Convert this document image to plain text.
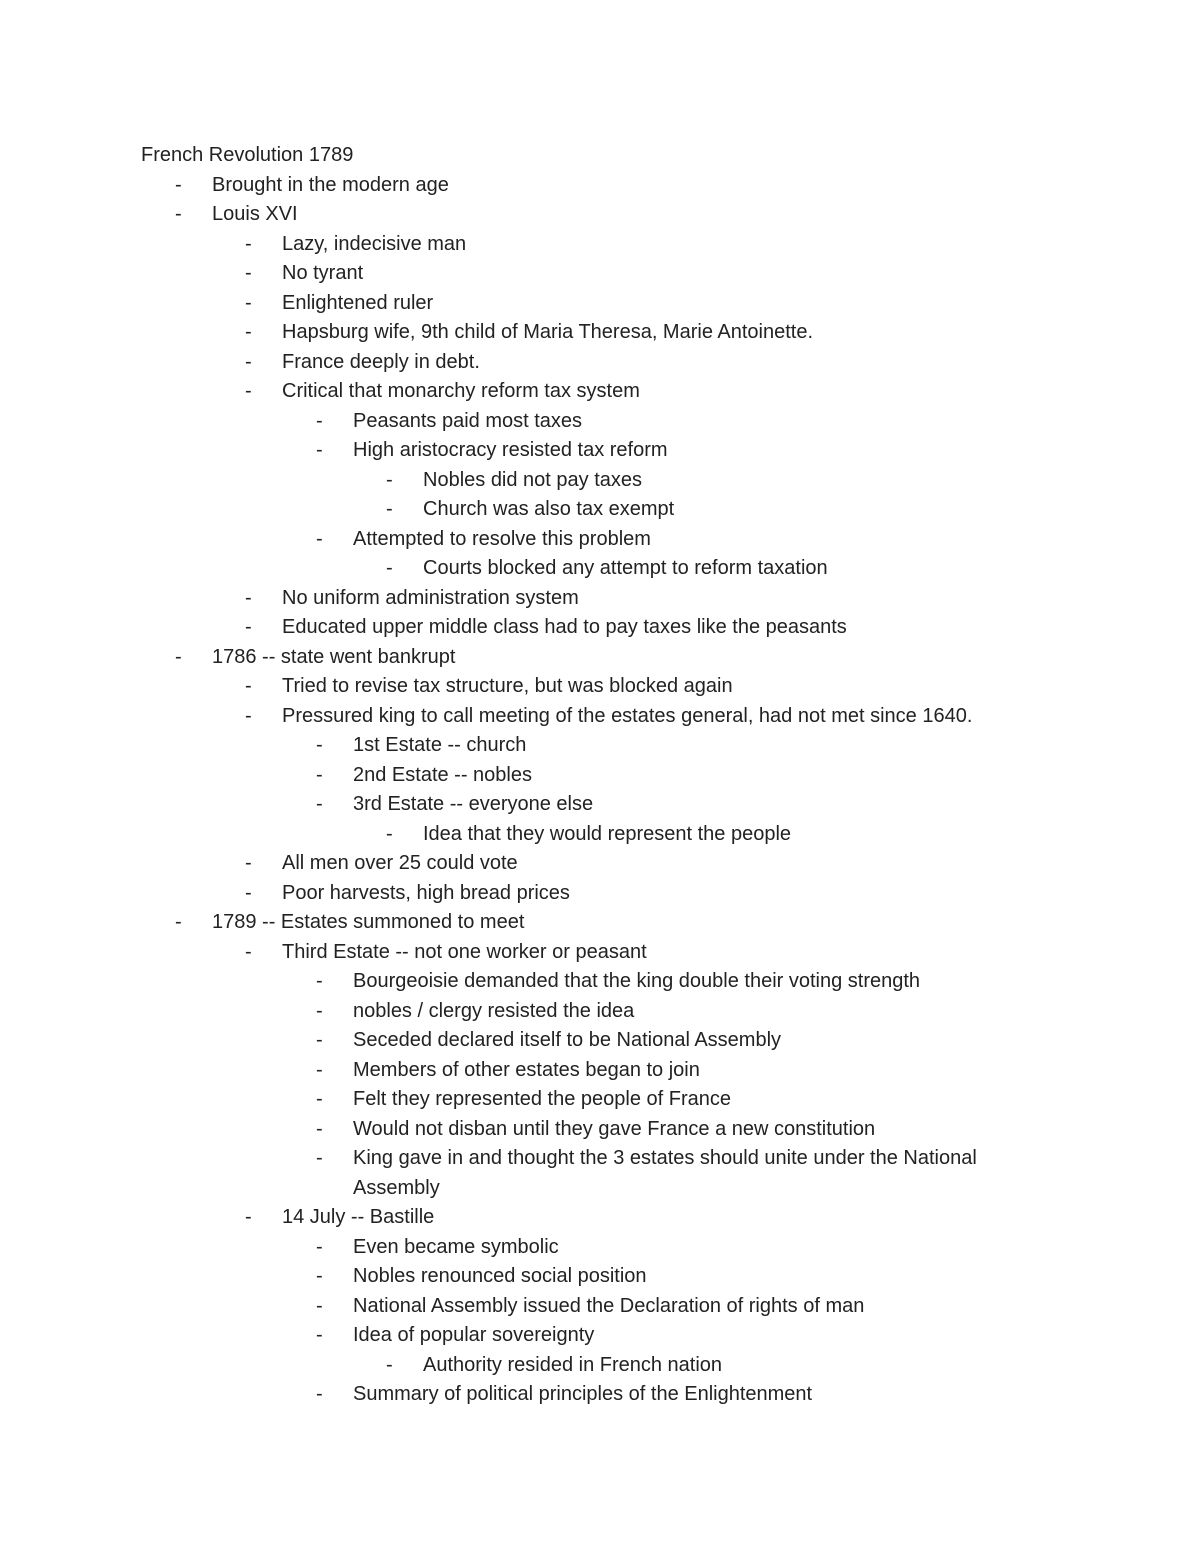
French Revolution 1789
-	Brought in the modern age
-	Louis XVI
-	Lazy, indecisive man
-	No tyrant
-	Enlightened ruler
-	Hapsburg wife, 9th child of Maria Theresa, Marie Antoinette.
-	France deeply in debt.
-	Critical that monarchy reform tax system
-	Peasants paid most taxes
-	High aristocracy resisted tax reform
-	Nobles did not pay taxes
-	Church was also tax exempt
-	Attempted to resolve this problem
-	Courts blocked any attempt to reform taxation
-	No uniform administration system
-	Educated upper middle class had to pay taxes like the peasants
-	1786 -- state went bankrupt
-	Tried to revise tax structure, but was blocked again
-	Pressured king to call meeting of the estates general, had not met since 1640.
-	1st Estate -- church
-	2nd Estate -- nobles
-	3rd Estate -- everyone else
-	Idea that they would represent the people
-	All men over 25 could vote
-	Poor harvests, high bread prices
-	1789 -- Estates summoned to meet
-	Third Estate -- not one worker or peasant
-	Bourgeoisie demanded that the king double their voting strength
-	nobles / clergy resisted the idea
-	Seceded declared itself to be National Assembly
-	Members of other estates began to join
-	Felt they represented the people of France
-	Would not disban until they gave France a new constitution
-	King gave in and thought the 3 estates should unite under the National Assembly
-	14 July -- Bastille
-	Even became symbolic
-	Nobles renounced social position
-	National Assembly issued the Declaration of rights of man
-	Idea of popular sovereignty
-	Authority resided in French nation
-	Summary of political principles of the Enlightenment
